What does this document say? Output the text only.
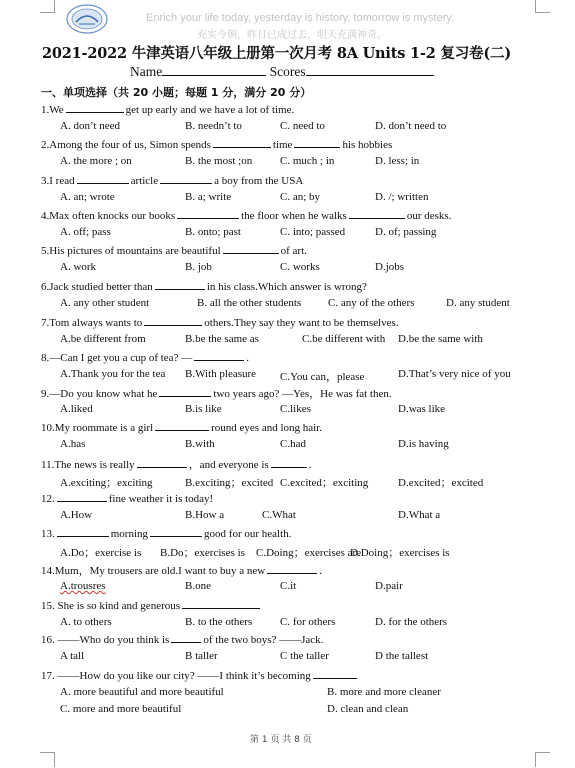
Enrich your life today, yesterday is history, tomorrow is mystery.
充实今朝，昨日已成过去，明天充满神奇。
2021-2022 牛津英语八年级上册第一次月考 8A Units 1-2 复习卷(二)
Name	Scores
一、单项选择（共 20 小题；每题 1 分，满分 20 分）
1.We	get up early and we have a lot of time.
A. don’t need	B. needn’t to	C. need to	D. don’t need to
2.Among the four of us, Simon spends	time	his hobbies
A. the more ; on	B. the most ;on	C. much ; in	D. less; in
3.I read	article	a boy from the USA
A. an; wrote	B. a; write	C. an; by	D. /; written
4.Max often knocks our books	the floor when he walks	our desks.
A. off; pass	B. onto; past	C. into; passed	D. of; passing
5.His pictures of mountains are beautiful	of art.
A. work	B. job	C. works	D.jobs
6.Jack studied better than	in his class.Which answer is wrong?
A. any other student	B. all the other students C. any of the others	D. any student
7.Tom always wants to	others.They say they want to be themselves.
A.be different from	B.be the same as	C.be different with D.be the same with
8.—Can I get you a cup of tea? —	.
A.Thank you for the tea B.With pleasure C.You can，please	D.That’s very nice of you
9.—Do you know what he	two years ago? —Yes，He was fat then.
A.liked	B.is like	C.likes	D.was like
10.My roommate is a girl	round eyes and long hair.
A.has	B.with	C.had	D.is having
11.The news is really	，and everyone is	.
A.exciting；exciting	B.exciting；excited C.excited；exciting	D.excited；excited
12.	fine weather it is today!
A.How	B.How a	C.What	D.What a
13.	morning	good for our health.
A.Do；exercise is B.Do；exercises is C.Doing；exercises are
D.Doing；exercises is
14.Mum，My trousers are old.I want to buy a new	.
A.trousres	B.one	C.it	D.pair
15. She is so kind and generous
A. to others	B. to the others	C. for others	D. for the others
16. ——Who do you think is	of the two boys? ——Jack.
A tall	B taller	C the taller	D the tallest
17. ——How do you like our city? ——I think it’s becoming
A. more beautiful and more beautiful	B. more and more cleaner
C. more and more beautiful	D. clean and clean
第 1 页 共 8 页
